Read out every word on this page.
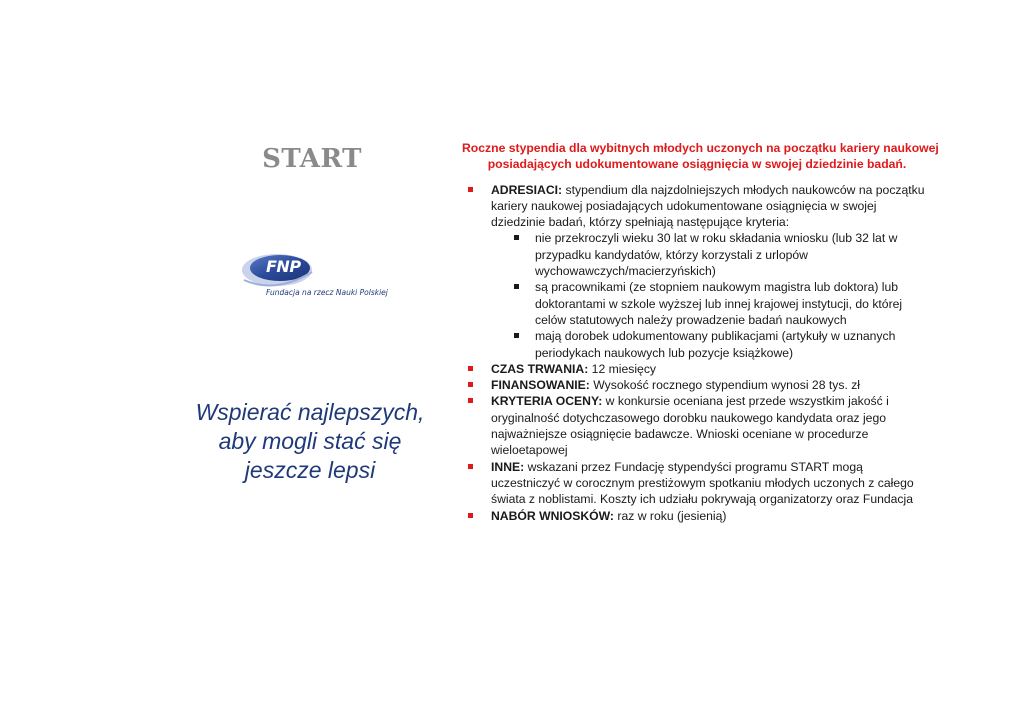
START
FNP
Fundacja na rzecz Nauki Polskiej
Wspierać najlepszych,
aby mogli stać się
jeszcze lepsi
Roczne stypendia dla wybitnych młodych uczonych na początku kariery naukowej
posiadających udokumentowane osiągnięcia w swojej dziedzinie badań.
ADRESIACI: stypendium dla najzdolniejszych młodych naukowców na początku kariery naukowej posiadających udokumentowane osiągnięcia w swojej dziedzinie badań, którzy spełniają następujące kryteria:
nie przekroczyli wieku 30 lat w roku składania wniosku (lub 32 lat w przypadku kandydatów, którzy korzystali z urlopów wychowawczych/macierzyńskich)
są pracownikami (ze stopniem naukowym magistra lub doktora) lub doktorantami w szkole wyższej lub innej krajowej instytucji, do której celów statutowych należy prowadzenie badań naukowych
mają dorobek udokumentowany publikacjami (artykuły w uznanych periodykach naukowych lub pozycje książkowe)
CZAS TRWANIA: 12 miesięcy
FINANSOWANIE: Wysokość rocznego stypendium wynosi 28 tys. zł
KRYTERIA OCENY: w konkursie oceniana jest przede wszystkim jakość i oryginalność dotychczasowego dorobku naukowego kandydata oraz jego najważniejsze osiągnięcie badawcze. Wnioski oceniane w procedurze wieloetapowej
INNE: wskazani przez Fundację stypendyści programu START mogą uczestniczyć w corocznym prestiżowym spotkaniu młodych uczonych z całego świata z noblistami. Koszty ich udziału pokrywają organizatorzy oraz Fundacja
NABÓR WNIOSKÓW: raz w roku (jesienią)
